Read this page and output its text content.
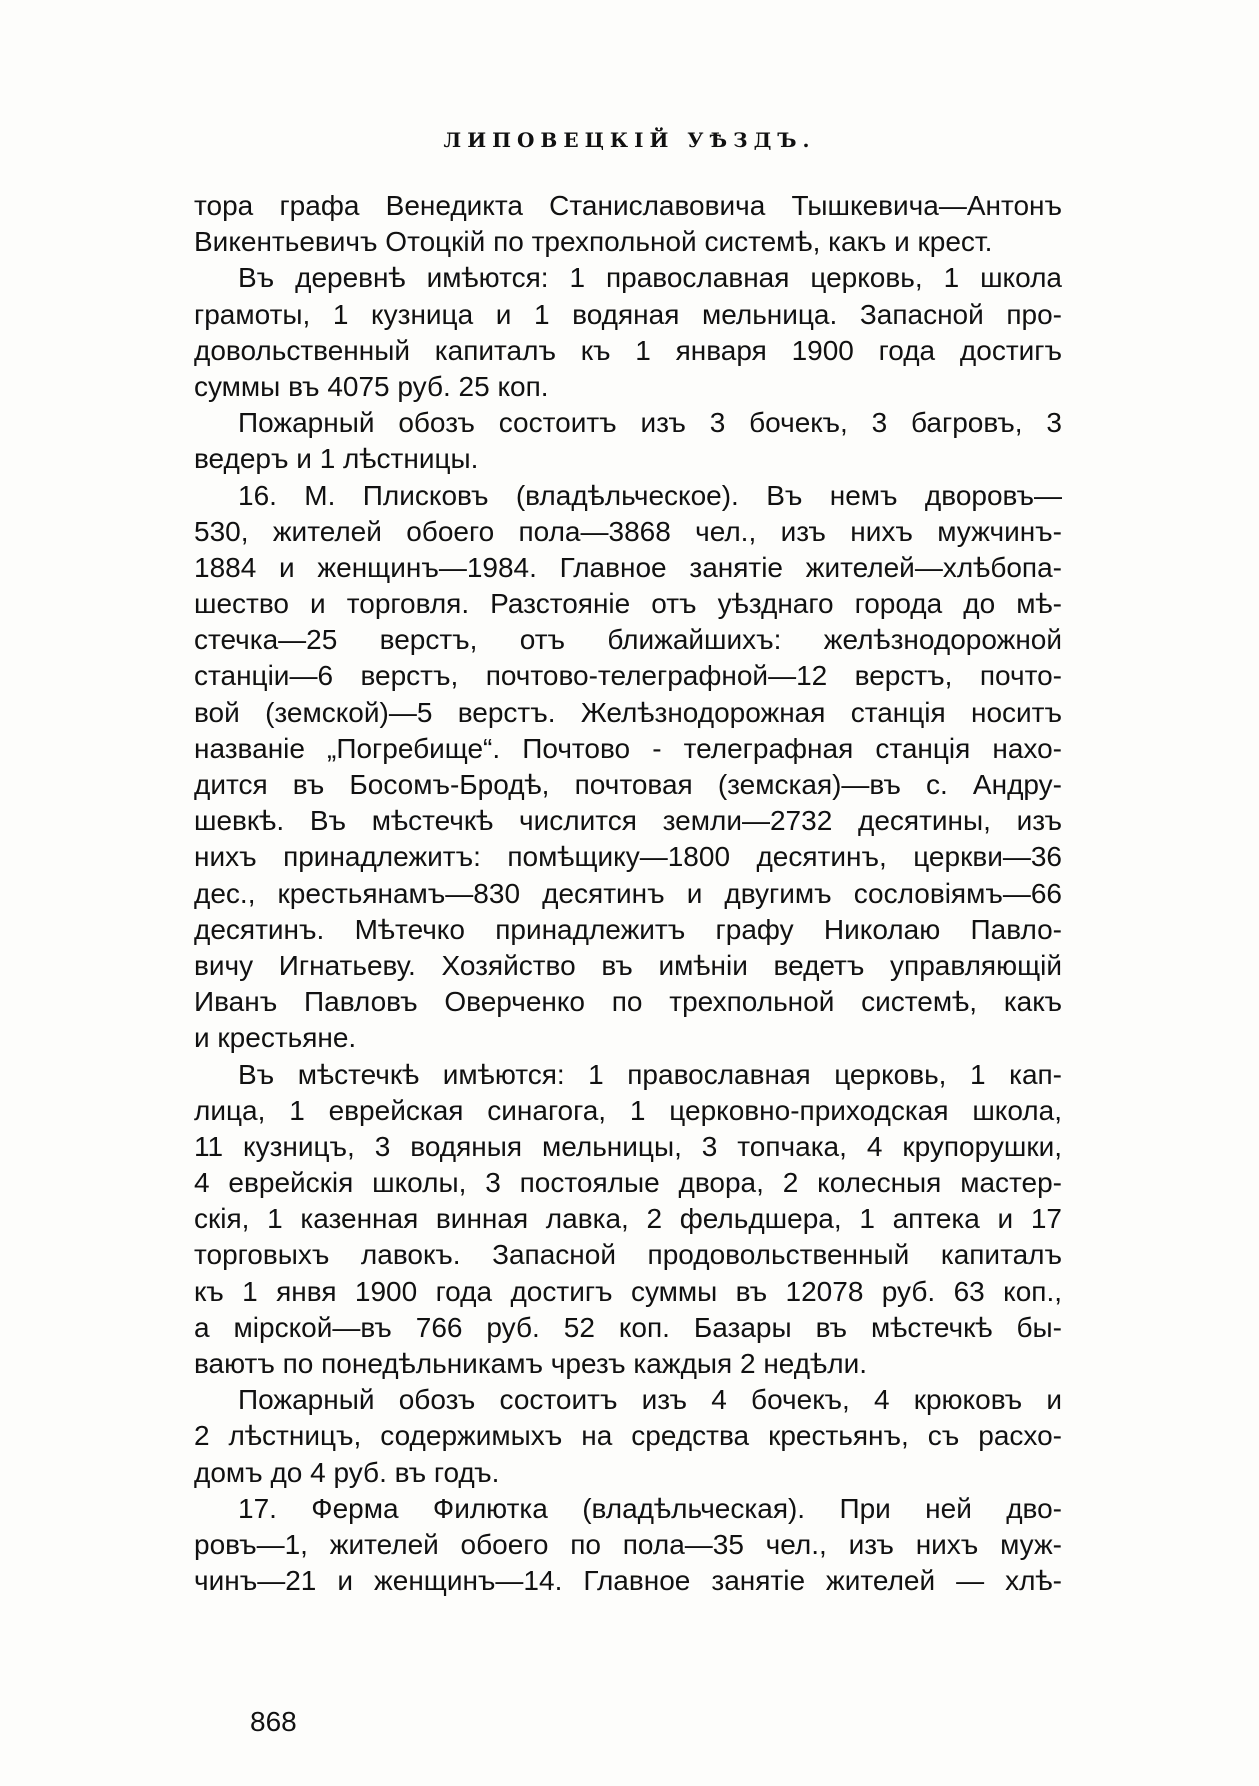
ЛИПОВЕЦКІЙ УѢЗДЪ.
тора графа Венедикта Станиславовича Тышкевича—Антонъ
Викентьевичъ Отоцкій по трехпольной системѣ, какъ и крест.
Въ деревнѣ имѣются: 1 православная церковь, 1 школа
грамоты, 1 кузница и 1 водяная мельница. Запасной про-
довольственный капиталъ къ 1 января 1900 года достигъ
суммы въ 4075 руб. 25 коп.
Пожарный обозъ состоитъ изъ 3 бочекъ, 3 багровъ, 3
ведеръ и 1 лѣстницы.
16. М. Плисковъ (владѣльческое). Въ немъ дворовъ—
530, жителей обоего пола—3868 чел., изъ нихъ мужчинъ-
1884 и женщинъ—1984. Главное занятіе жителей—хлѣбопа-
шество и торговля. Разстояніе отъ уѣзднаго города до мѣ-
стечка—25 верстъ, отъ ближайшихъ: желѣзнодорожной
станціи—6 верстъ, почтово-телеграфной—12 верстъ, почто-
вой (земской)—5 верстъ. Желѣзнодорожная станція носитъ
названіе „Погребище“. Почтово - телеграфная станція нахо-
дится въ Босомъ-Бродѣ, почтовая (земская)—въ с. Андру-
шевкѣ. Въ мѣстечкѣ числится земли—2732 десятины, изъ
нихъ принадлежитъ: помѣщику—1800 десятинъ, церкви—36
дес., крестьянамъ—830 десятинъ и двугимъ сословіямъ—66
десятинъ. Мѣтечко принадлежитъ графу Николаю Павло-
вичу Игнатьеву. Хозяйство въ имѣніи ведетъ управляющій
Иванъ Павловъ Оверченко по трехпольной системѣ, какъ
и крестьяне.
Въ мѣстечкѣ имѣются: 1 православная церковь, 1 кап-
лица, 1 еврейская синагога, 1 церковно-приходская школа,
11 кузницъ, 3 водяныя мельницы, 3 топчака, 4 крупорушки,
4 еврейскія школы, 3 постоялые двора, 2 колесныя мастер-
скія, 1 казенная винная лавка, 2 фельдшера, 1 аптека и 17
торговыхъ лавокъ. Запасной продовольственный капиталъ
къ 1 янвя 1900 года достигъ суммы въ 12078 руб. 63 коп.,
а мірской—въ 766 руб. 52 коп. Базары въ мѣстечкѣ бы-
ваютъ по понедѣльникамъ чрезъ каждыя 2 недѣли.
Пожарный обозъ состоитъ изъ 4 бочекъ, 4 крюковъ и
2 лѣстницъ, содержимыхъ на средства крестьянъ, съ расхо-
домъ до 4 руб. въ годъ.
17. Ферма Филютка (владѣльческая). При ней дво-
ровъ—1, жителей обоего по пола—35 чел., изъ нихъ муж-
чинъ—21 и женщинъ—14. Главное занятіе жителей — хлѣ-
868
